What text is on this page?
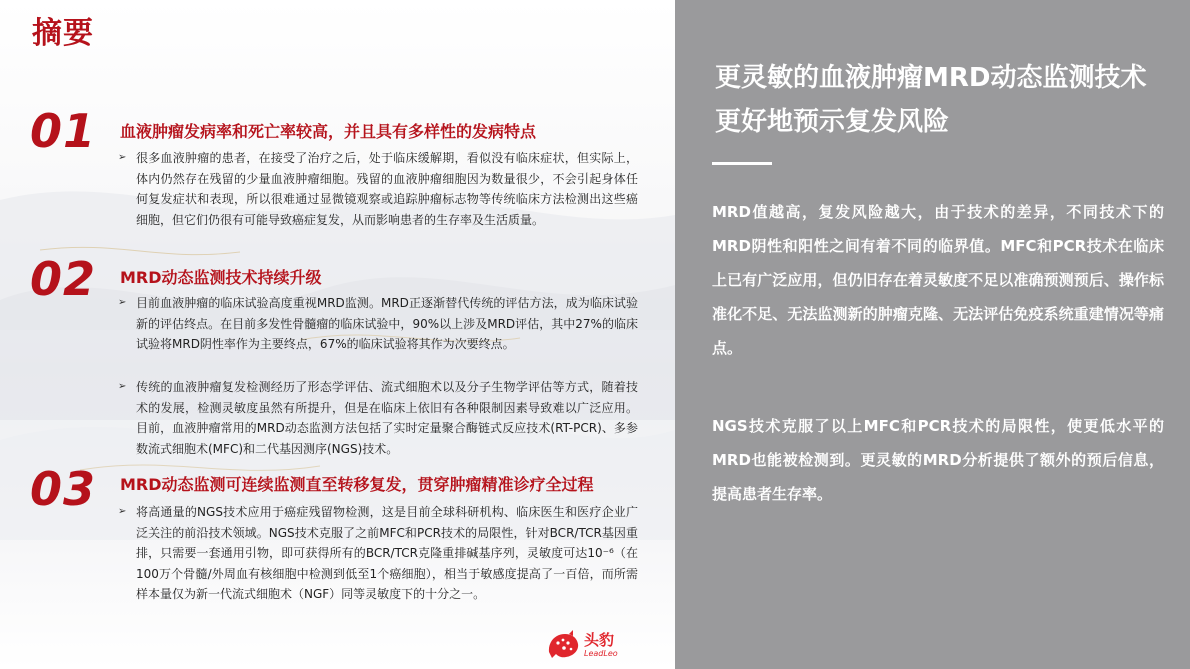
摘要
01 血液肿瘤发病率和死亡率较高，并且具有多样性的发病特点
➢ 很多血液肿瘤的患者，在接受了治疗之后，处于临床缓解期，看似没有临床症状，但实际上，体内仍然存在残留的少量血液肿瘤细胞。残留的血液肿瘤细胞因为数量很少，不会引起身体任何复发症状和表现，所以很难通过显微镜观察或追踪肿瘤标志物等传统临床方法检测出这些癌细胞，但它们仍很有可能导致癌症复发，从而影响患者的生存率及生活质量。
02 MRD动态监测技术持续升级
➢ 目前血液肿瘤的临床试验高度重视MRD监测。MRD正逐渐替代传统的评估方法，成为临床试验新的评估终点。在目前多发性骨髓瘤的临床试验中，90%以上涉及MRD评估，其中27%的临床试验将MRD阴性率作为主要终点，67%的临床试验将其作为次要终点。
➢ 传统的血液肿瘤复发检测经历了形态学评估、流式细胞术以及分子生物学评估等方式，随着技术的发展，检测灵敏度虽然有所提升，但是在临床上依旧有各种限制因素导致难以广泛应用。目前，血液肿瘤常用的MRD动态监测方法包括了实时定量聚合酶链式反应技术(RT-PCR)、多参数流式细胞术(MFC)和二代基因测序(NGS)技术。
03 MRD动态监测可连续监测直至转移复发，贯穿肿瘤精准诊疗全过程
➢ 将高通量的NGS技术应用于癌症残留物检测，这是目前全球科研机构、临床医生和医疗企业广泛关注的前沿技术领域。NGS技术克服了之前MFC和PCR技术的局限性，针对BCR/TCR基因重排，只需要一套通用引物，即可获得所有的BCR/TCR克隆重排碱基序列，灵敏度可达10⁻⁶（在100万个骨髓/外周血有核细胞中检测到低至1个癌细胞），相当于敏感度提高了一百倍，而所需样本量仅为新一代流式细胞术（NGF）同等灵敏度下的十分之一。
头豹
LeadLeo
更灵敏的血液肿瘤MRD动态监测技术更好地预示复发风险
MRD值越高，复发风险越大，由于技术的差异，不同技术下的MRD阴性和阳性之间有着不同的临界值。MFC和PCR技术在临床上已有广泛应用，但仍旧存在着灵敏度不足以准确预测预后、操作标准化不足、无法监测新的肿瘤克隆、无法评估免疫系统重建情况等痛点。
NGS技术克服了以上MFC和PCR技术的局限性，使更低水平的MRD也能被检测到。更灵敏的MRD分析提供了额外的预后信息，提高患者生存率。
